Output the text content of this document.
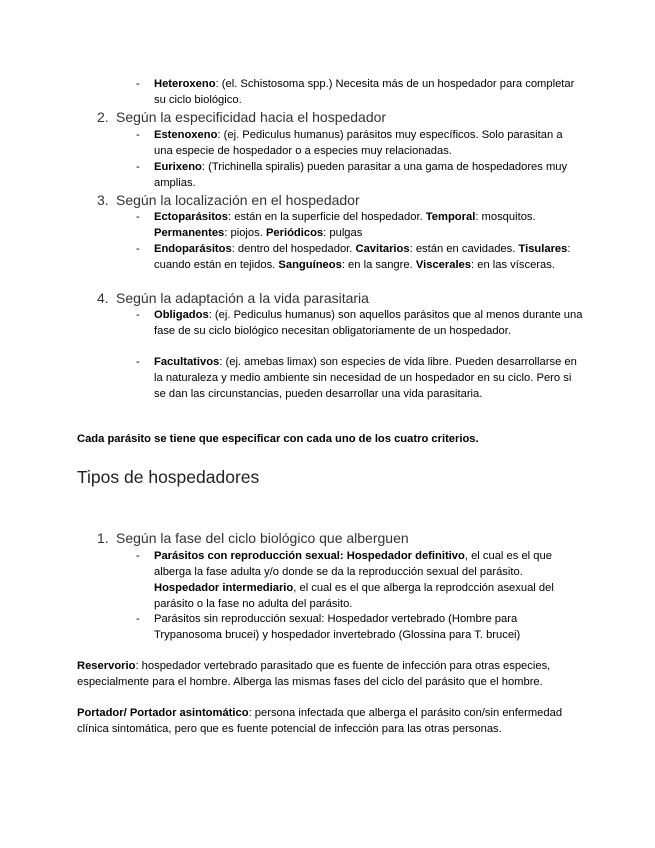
- Heteroxeno: (el. Schistosoma spp.) Necesita más de un hospedador para completar su ciclo biológico.
2. Según la especificidad hacia el hospedador
- Estenoxeno: (ej. Pediculus humanus) parásitos muy específicos. Solo parasitan a una especie de hospedador o a especies muy relacionadas.
- Eurixeno: (Trichinella spiralis) pueden parasitar a una gama de hospedadores muy amplias.
3. Según la localización en el hospedador
- Ectoparásitos: están en la superficie del hospedador. Temporal: mosquitos. Permanentes: piojos. Periódicos: pulgas
- Endoparásitos: dentro del hospedador. Cavitarios: están en cavidades. Tisulares: cuando están en tejidos. Sanguíneos: en la sangre. Viscerales: en las vísceras.
4. Según la adaptación a la vida parasitaria
- Obligados: (ej. Pediculus humanus) son aquellos parásitos que al menos durante una fase de su ciclo biológico necesitan obligatoriamente de un hospedador.
- Facultativos: (ej. amebas limax) son especies de vida libre. Pueden desarrollarse en la naturaleza y medio ambiente sin necesidad de un hospedador en su ciclo. Pero si se dan las circunstancias, pueden desarrollar una vida parasitaria.
Cada parásito se tiene que especificar con cada uno de los cuatro criterios.
Tipos de hospedadores
1. Según la fase del ciclo biológico que alberguen
- Parásitos con reproducción sexual: Hospedador definitivo, el cual es el que alberga la fase adulta y/o donde se da la reproducción sexual del parásito. Hospedador intermediario, el cual es el que alberga la reprodcción asexual del parásito o la fase no adulta del parásito.
- Parásitos sin reproducción sexual: Hospedador vertebrado (Hombre para Trypanosoma brucei) y hospedador invertebrado (Glossina para T. brucei)
Reservorio: hospedador vertebrado parasitado que es fuente de infección para otras especies, especialmente para el hombre. Alberga las mismas fases del ciclo del parásito que el hombre.
Portador/ Portador asintomático: persona infectada que alberga el parásito con/sin enfermedad clínica sintomática, pero que es fuente potencial de infección para las otras personas.
